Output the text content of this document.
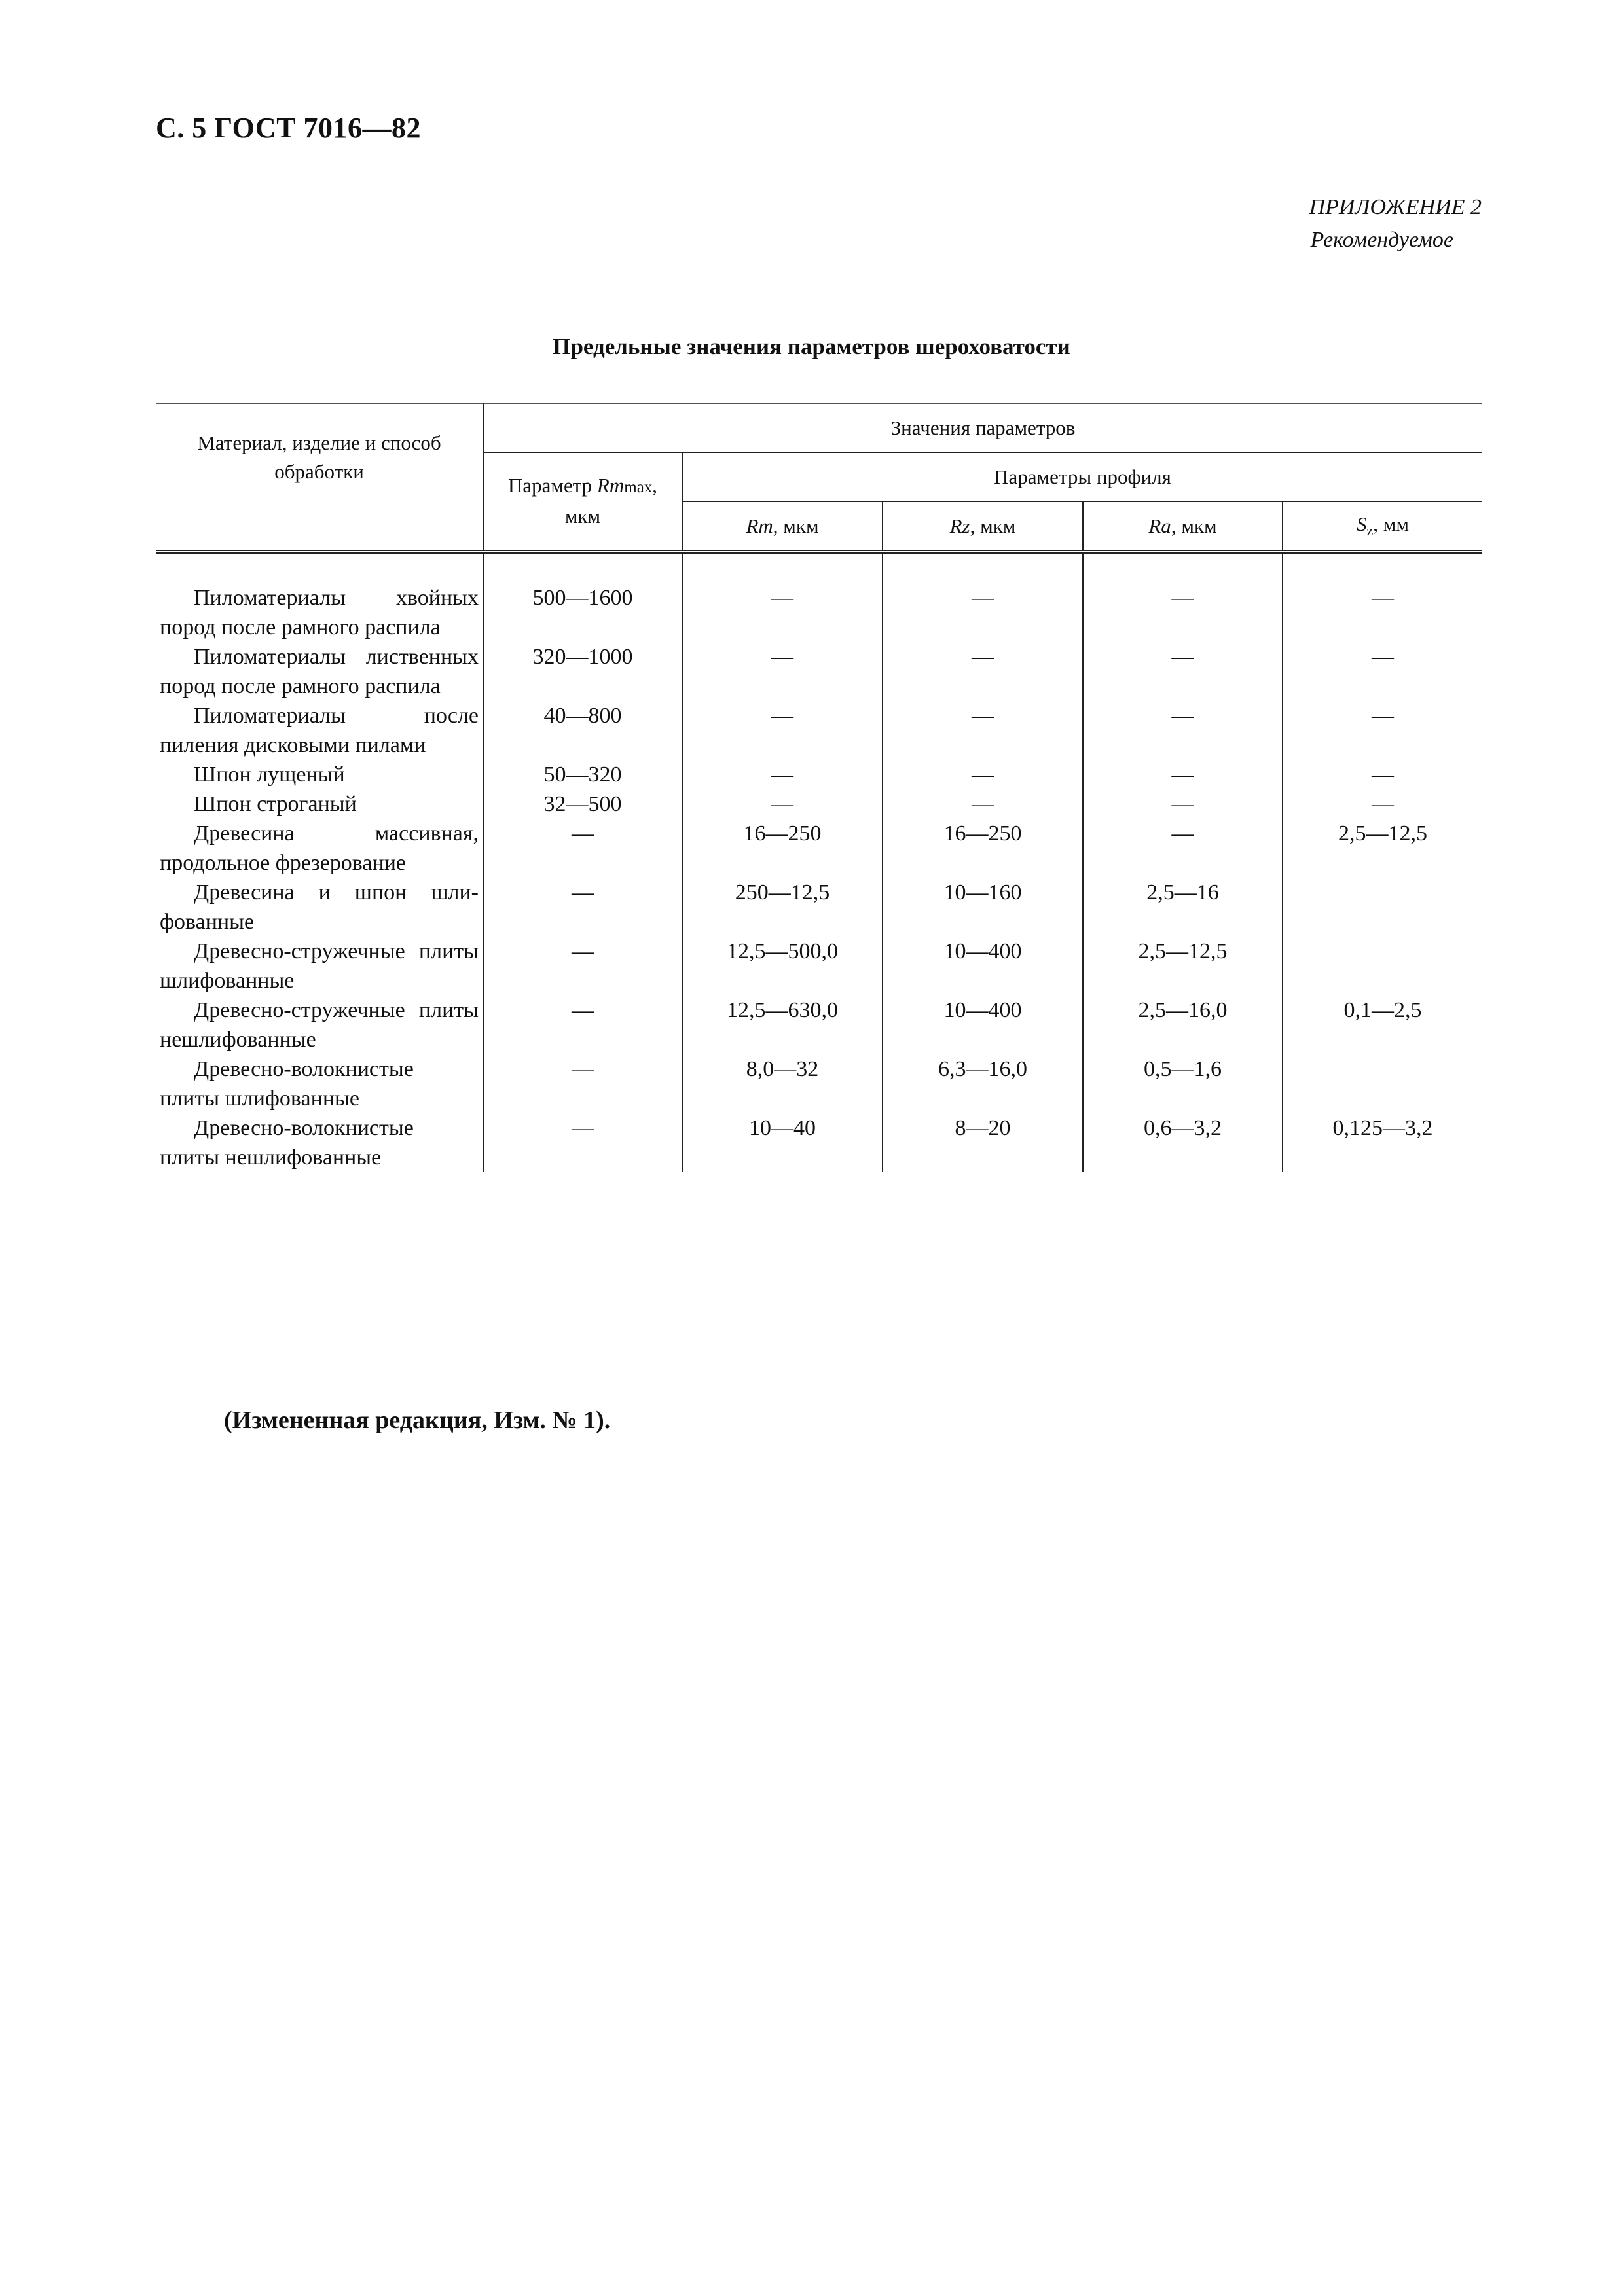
С. 5 ГОСТ 7016—82
ПРИЛОЖЕНИЕ 2
Рекомендуемое
Предельные значения параметров шероховатости
Материал, изделие и способ обработки	Значения параметров				
	Параметр Rmmax, мкм	Параметры профиля			
		Rm, мкм	Rz, мкм	Ra, мкм	$S_z$, мм

Пиломатериалы хвойных пород после рамного распила	500—1600	—	—	—	—
Пиломатериалы лиственных пород после рамного распила	320—1000	—	—	—	—
Пиломатериалы после пиления дисковыми пилами	40—800	—	—	—	—
Шпон лущеный	50—320	—	—	—	—
Шпон строганый	32—500	—	—	—	—
Древесина массивная, продольное фрезерование	—	16—250	16—250	—	2,5—12,5
Древесина и шпон шлифованные	—	250—12,5	10—160	2,5—16	
Древесно-стружечные плиты шлифованные	—	12,5—500,0	10—400	2,5—12,5	
Древесно-стружечные плиты нешлифованные	—	12,5—630,0	10—400	2,5—16,0	0,1—2,5
Древесно-волокнистые плиты шлифованные	—	8,0—32	6,3—16,0	0,5—1,6	
Древесно-волокнистые плиты нешлифованные	—	10—40	8—20	0,6—3,2	0,125—3,2
(Измененная редакция, Изм. № 1).
